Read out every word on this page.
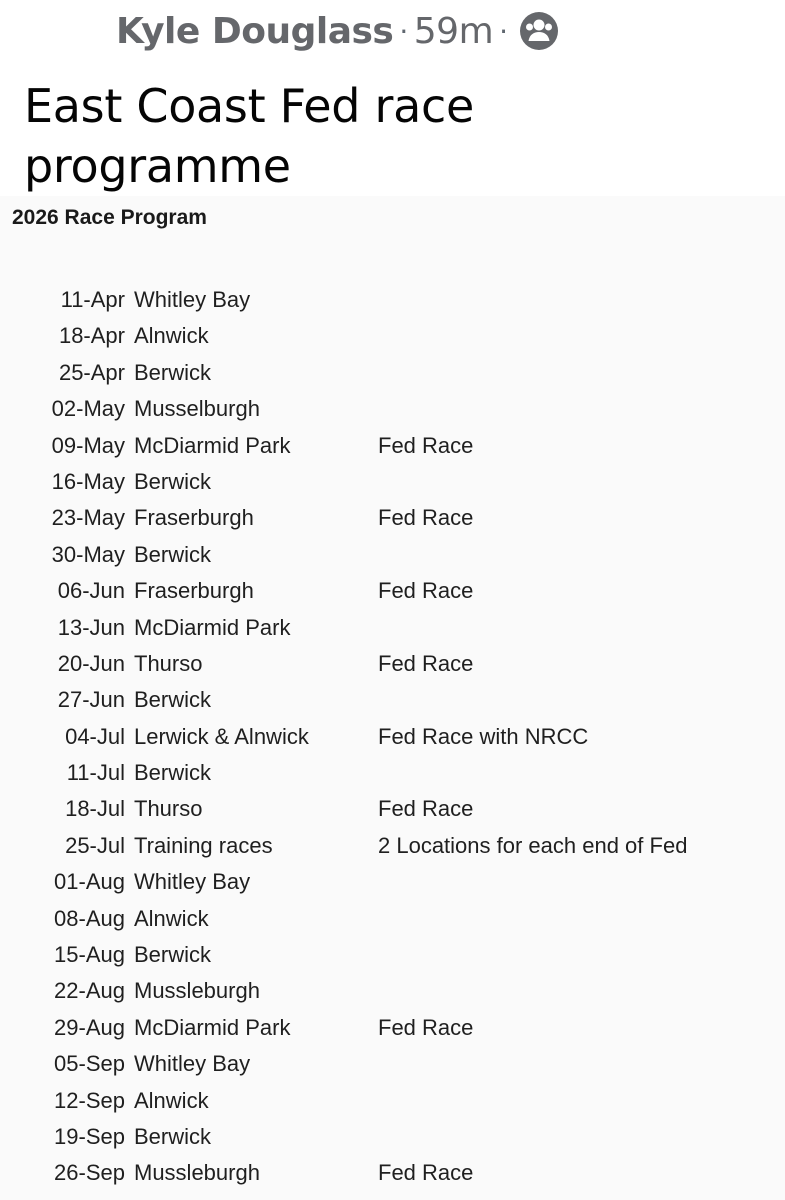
Kyle Douglass · 59m ·
East Coast Fed race programme
2026 Race Program
11-Apr Whitley Bay
18-Apr Alnwick
25-Apr Berwick
02-May Musselburgh
09-May McDiarmid Park	Fed Race
16-May Berwick
23-May Fraserburgh	Fed Race
30-May Berwick
06-Jun Fraserburgh	Fed Race
13-Jun McDiarmid Park
20-Jun Thurso	Fed Race
27-Jun Berwick
04-Jul Lerwick & Alnwick	Fed Race with NRCC
11-Jul Berwick
18-Jul Thurso	Fed Race
25-Jul Training races	2 Locations for each end of Fed
01-Aug Whitley Bay
08-Aug Alnwick
15-Aug Berwick
22-Aug Mussleburgh
29-Aug McDiarmid Park	Fed Race
05-Sep Whitley Bay
12-Sep Alnwick
19-Sep Berwick
26-Sep Mussleburgh	Fed Race
